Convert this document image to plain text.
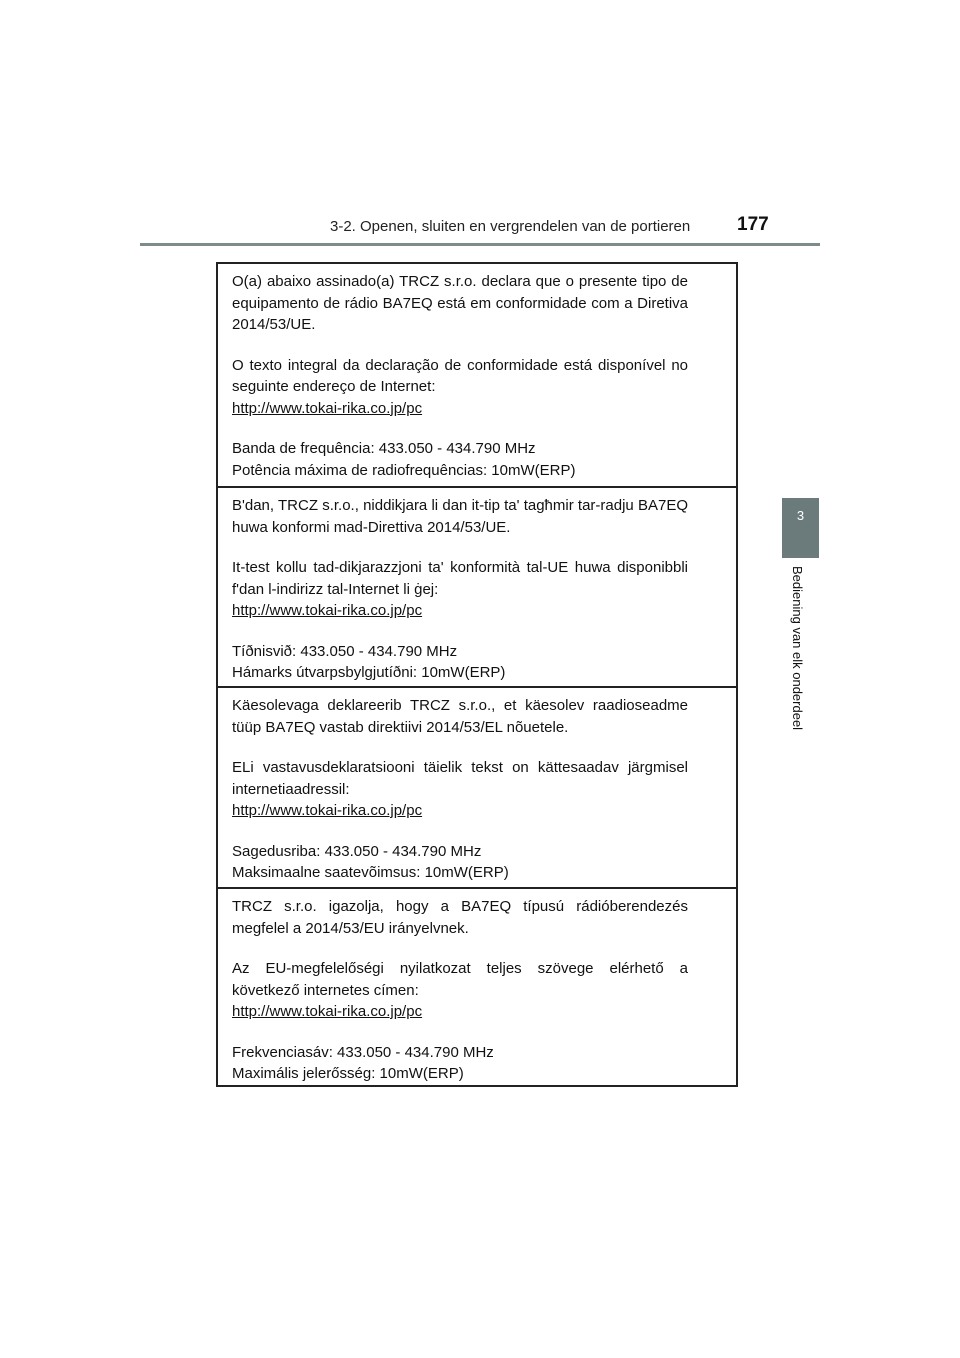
3-2. Openen, sluiten en vergrendelen van de portieren 177
3
Bediening van elk onderdeel

O(a) abaixo assinado(a) TRCZ s.r.o. declara que o presente tipo de equipamento de rádio BA7EQ está em conformidade com a Diretiva 2014/53/UE.

O texto integral da declaração de conformidade está disponível no seguinte endereço de Internet:
http://www.tokai-rika.co.jp/pc

Banda de frequência: 433.050 - 434.790 MHz
Potência máxima de radiofrequências: 10mW(ERP)

B'dan, TRCZ s.r.o., niddikjara li dan it-tip ta' tagħmir tar-radju BA7EQ huwa konformi mad-Direttiva 2014/53/UE.

It-test kollu tad-dikjarazzjoni ta' konformità tal-UE huwa disponibbli f'dan l-indirizz tal-Internet li ġej:
http://www.tokai-rika.co.jp/pc

Tíðnisvið: 433.050 - 434.790 MHz
Hámarks útvarpsbylgjutíðni: 10mW(ERP)

Käesolevaga deklareerib TRCZ s.r.o., et käesolev raadioseadme tüüp BA7EQ vastab direktiivi 2014/53/EL nõuetele.

ELi vastavusdeklaratsiooni täielik tekst on kättesaadav järgmisel internetiaadressil:
http://www.tokai-rika.co.jp/pc

Sagedusriba: 433.050 - 434.790 MHz
Maksimaalne saatevõimsus: 10mW(ERP)

TRCZ s.r.o. igazolja, hogy a BA7EQ típusú rádióberendezés megfelel a 2014/53/EU irányelvnek.

Az EU-megfelelőségi nyilatkozat teljes szövege elérhető a következő internetes címen:
http://www.tokai-rika.co.jp/pc

Frekvenciasáv: 433.050 - 434.790 MHz
Maximális jelerősség: 10mW(ERP)
